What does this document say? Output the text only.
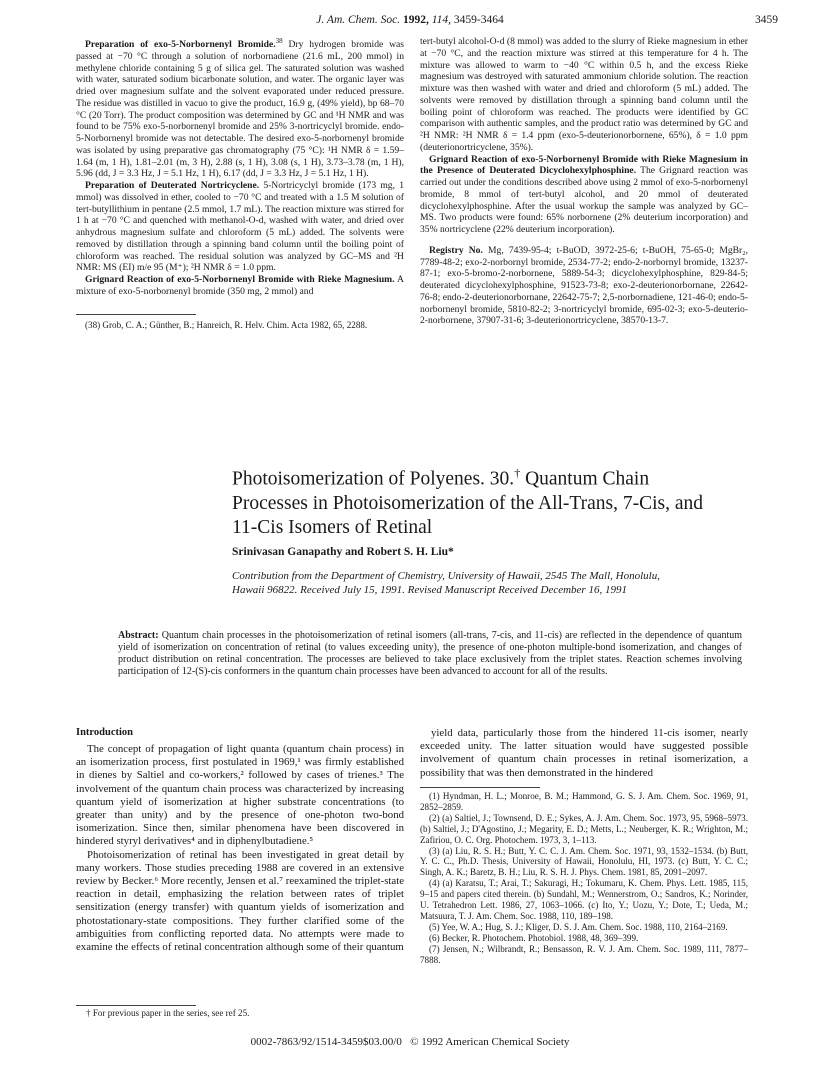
J. Am. Chem. Soc. 1992, 114, 3459-3464	3459

Preparation of exo-5-Norbornenyl Bromide.$^{38}$ Dry hydrogen bromide was passed at −70 °C through a solution of norbornadiene (21.6 mL, 200 mmol) in methylene chloride containing 5 g of silica gel. The saturated solution was washed with water, saturated sodium bicarbonate solution, and water. The organic layer was dried over magnesium sulfate and the solvent evaporated under reduced pressure. The residue was distilled in vacuo to give the product, 16.9 g, (49% yield), bp 68–70 °C (20 Torr). The product composition was determined by GC and ¹H NMR and was found to be 75% exo-5-norbornenyl bromide and 25% 3-nortricyclyl bromide. endo-5-Norbornenyl bromide was not detectable. The desired exo-5-norbornenyl bromide was isolated by using preparative gas chromatography (75 °C): ¹H NMR δ = 1.59–1.64 (m, 1 H), 1.81–2.01 (m, 3 H), 2.88 (s, 1 H), 3.08 (s, 1 H), 3.73–3.78 (m, 1 H), 5.96 (dd, J = 3.3 Hz, J = 5.1 Hz, 1 H), 6.17 (dd, J = 3.3 Hz, J = 5.1 Hz, 1 H).

Preparation of Deuterated Nortricyclene. 5-Nortricyclyl bromide (173 mg, 1 mmol) was dissolved in ether, cooled to −70 °C and treated with a 1.5 M solution of tert-butyllithium in pentane (2.5 mmol, 1.7 mL). The reaction mixture was stirred for 1 h at −70 °C and quenched with methanol-O-d, washed with water, and dried over anhydrous magnesium sulfate and chloroform (5 mL) added. The solvents were removed by distillation through a spinning band column until the boiling point of chloroform was reached. The residual solution was analyzed by GC–MS and ²H NMR: MS (EI) m/e 95 (M⁺); ²H NMR δ = 1.0 ppm.

Grignard Reaction of exo-5-Norbornenyl Bromide with Rieke Magnesium. A mixture of exo-5-norbornenyl bromide (350 mg, 2 mmol) and

(38) Grob, C. A.; Günther, B.; Hanreich, R. Helv. Chim. Acta 1982, 65, 2288.

tert-butyl alcohol-O-d (8 mmol) was added to the slurry of Rieke magnesium in ether at −70 °C, and the reaction mixture was stirred at this temperature for 4 h. The mixture was allowed to warm to −40 °C within 0.5 h, and the excess Rieke magnesium was destroyed with saturated ammonium chloride solution. The reaction mixture was then washed with water and dried and chloroform (5 mL) added. The solvents were removed by distillation through a spinning band column until the boiling point of chloroform was reached. The products were identified by GC comparison with authentic samples, and the product ratio was determined by GC and ²H NMR: ²H NMR δ = 1.4 ppm (exo-5-deuterionorbornene, 65%), δ = 1.0 ppm (deuterionortricyclene, 35%).

Grignard Reaction of exo-5-Norbornenyl Bromide with Rieke Magnesium in the Presence of Deuterated Dicyclohexylphosphine. The Grignard reaction was carried out under the conditions described above using 2 mmol of exo-5-norbornenyl bromide, 8 mmol of tert-butyl alcohol, and 20 mmol of deuterated dicyclohexylphosphine. After the usual workup the sample was analyzed by GC–MS. Two products were found: 65% norbornene (2% deuterium incorporation) and 35% nortricyclene (22% deuterium incorporation).

Registry No. Mg, 7439-95-4; t-BuOD, 3972-25-6; t-BuOH, 75-65-0; MgBr₂, 7789-48-2; exo-2-norbornyl bromide, 2534-77-2; endo-2-norbornyl bromide, 13237-87-1; exo-5-bromo-2-norbornene, 5889-54-3; dicyclohexylphosphine, 829-84-5; deuterated dicyclohexylphosphine, 91523-73-8; exo-2-deuterionorbornane, 22642-76-8; endo-2-deuterionorbornane, 22642-75-7; 2,5-norbornadiene, 121-46-0; endo-5-norbornenyl bromide, 5810-82-2; 3-nortricyclyl bromide, 695-02-3; exo-5-deuterio-2-norbornene, 37907-31-6; 3-deuterionortricyclene, 38570-13-7.

Photoisomerization of Polyenes. 30.† Quantum Chain
Processes in Photoisomerization of the All-Trans, 7-Cis, and
11-Cis Isomers of Retinal
Srinivasan Ganapathy and Robert S. H. Liu*
Contribution from the Department of Chemistry, University of Hawaii, 2545 The Mall, Honolulu,
Hawaii 96822. Received July 15, 1991. Revised Manuscript Received December 16, 1991
Abstract: Quantum chain processes in the photoisomerization of retinal isomers (all-trans, 7-cis, and 11-cis) are reflected in the dependence of quantum yield of isomerization on concentration of retinal (to values exceeding unity), the presence of one-photon multiple-bond isomerization, and changes of product distribution on retinal concentration. The processes are believed to take place exclusively from the triplet states. Reaction schemes involving participation of 12-(S)-cis conformers in the quantum chain processes have been advanced to account for all of the results.
Introduction

The concept of propagation of light quanta (quantum chain process) in an isomerization process, first postulated in 1969,¹ was firmly established in dienes by Saltiel and co-workers,² followed by cases of trienes.³ The involvement of the quantum chain process was characterized by increasing quantum yield of isomerization at higher substrate concentrations (to greater than unity) and by the presence of one-photon two-bond isomerization. Since then, similar phenomena have been discovered in hindered styryl derivatives⁴ and in diphenylbutadiene.⁵

Photoisomerization of retinal has been investigated in great detail by many workers. Those studies preceding 1988 are covered in an extensive review by Becker.⁶ More recently, Jensen et al.⁷ reexamined the triplet-state reaction in detail, emphasizing the relation between rates of triplet sensitization (energy transfer) with quantum yields of isomerization and photostationary-state compositions. They further clarified some of the ambiguities from conflicting reported data. No attempts were made to examine the effects of retinal concentration although some of their quantum

† For previous paper in the series, see ref 25.

yield data, particularly those from the hindered 11-cis isomer, nearly exceeded unity. The latter situation would have suggested possible involvement of quantum chain processes in retinal isomerization, a possibility that was then demonstrated in the hindered

(1) Hyndman, H. L.; Monroe, B. M.; Hammond, G. S. J. Am. Chem. Soc. 1969, 91, 2852–2859.

(2) (a) Saltiel, J.; Townsend, D. E.; Sykes, A. J. Am. Chem. Soc. 1973, 95, 5968–5973. (b) Saltiel, J.; D'Agostino, J.; Megarity, E. D.; Metts, L.; Neuberger, K. R.; Wrighton, M.; Zafiriou, O. C. Org. Photochem. 1973, 3, 1–113.

(3) (a) Liu, R. S. H.; Butt, Y. C. C. J. Am. Chem. Soc. 1971, 93, 1532–1534. (b) Butt, Y. C. C., Ph.D. Thesis, University of Hawaii, Honolulu, HI, 1973. (c) Butt, Y. C. C.; Singh, A. K.; Baretz, B. H.; Liu, R. S. H. J. Phys. Chem. 1981, 85, 2091–2097.

(4) (a) Karatsu, T.; Arai, T.; Sakuragi, H.; Tokumaru, K. Chem. Phys. Lett. 1985, 115, 9–15 and papers cited therein. (b) Sundahl, M.; Wennerstrom, O.; Sandros, K.; Norinder, U. Tetrahedron Lett. 1986, 27, 1063–1066. (c) Ito, Y.; Uozu, Y.; Dote, T.; Ueda, M.; Matsuura, T. J. Am. Chem. Soc. 1988, 110, 189–198.

(5) Yee, W. A.; Hug, S. J.; Kliger, D. S. J. Am. Chem. Soc. 1988, 110, 2164–2169.

(6) Becker, R. Photochem. Photobiol. 1988, 48, 369–399.

(7) Jensen, N.; Wilbrandt, R.; Bensasson, R. V. J. Am. Chem. Soc. 1989, 111, 7877–7888.

0002-7863/92/1514-3459$03.00/0 © 1992 American Chemical Society
